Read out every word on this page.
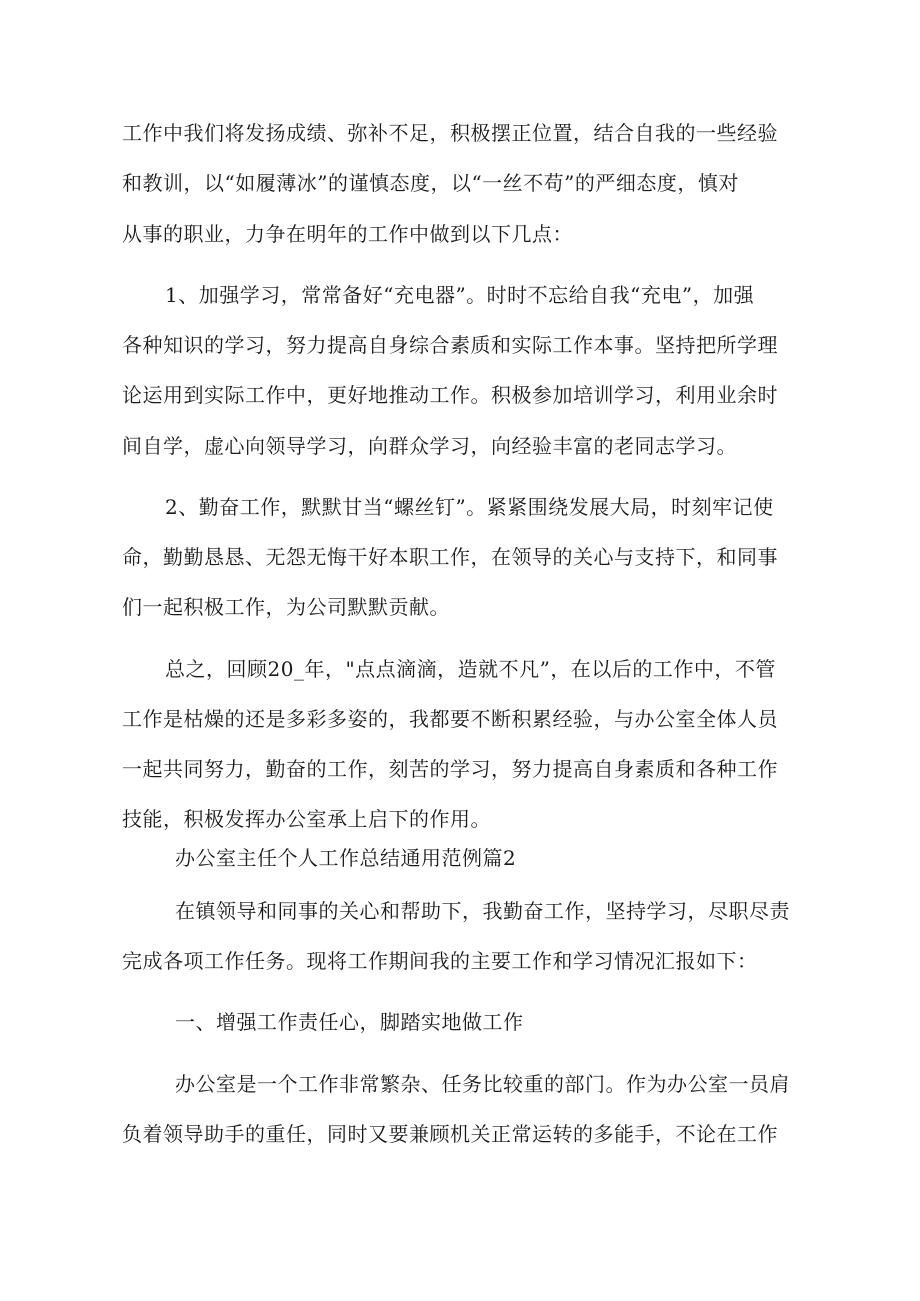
工作中我们将发扬成绩、弥补不足，积极摆正位置，结合自我的一些经验

和教训，以“如履薄冰”的谨慎态度，以“一丝不苟”的严细态度，慎对

从事的职业，力争在明年的工作中做到以下几点：

1、加强学习，常常备好“充电器”。时时不忘给自我“充电”，加强

各种知识的学习，努力提高自身综合素质和实际工作本事。坚持把所学理

论运用到实际工作中，更好地推动工作。积极参加培训学习，利用业余时

间自学，虚心向领导学习，向群众学习，向经验丰富的老同志学习。

2、勤奋工作，默默甘当“螺丝钉”。紧紧围绕发展大局，时刻牢记使

命，勤勤恳恳、无怨无悔干好本职工作，在领导的关心与支持下，和同事

们一起积极工作，为公司默默贡献。

总之，回顾20_年，"点点滴滴，造就不凡”，在以后的工作中，不管

工作是枯燥的还是多彩多姿的，我都要不断积累经验，与办公室全体人员

一起共同努力，勤奋的工作，刻苦的学习，努力提高自身素质和各种工作

技能，积极发挥办公室承上启下的作用。

办公室主任个人工作总结通用范例篇2

在镇领导和同事的关心和帮助下，我勤奋工作，坚持学习，尽职尽责

完成各项工作任务。现将工作期间我的主要工作和学习情况汇报如下：

一、增强工作责任心，脚踏实地做工作

办公室是一个工作非常繁杂、任务比较重的部门。作为办公室一员肩

负着领导助手的重任，同时又要兼顾机关正常运转的多能手，不论在工作
